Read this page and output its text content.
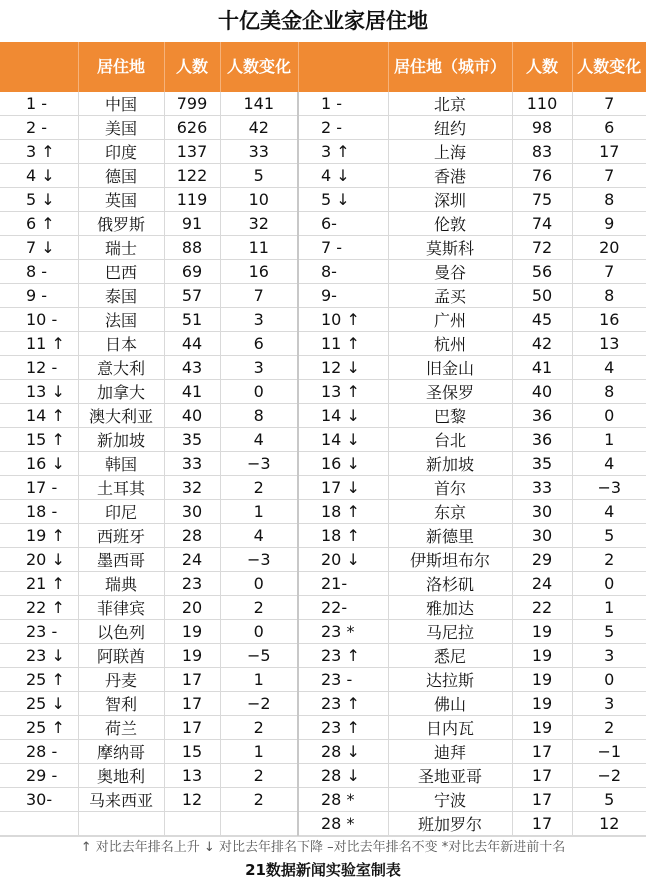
十亿美金企业家居住地
	居住地	人数	人数变化		居住地（城市）	人数	人数变化
1 -	中国	799	141	1 -	北京	110	7
2 -	美国	626	42	2 -	纽约	98	6
3 ↑	印度	137	33	3 ↑	上海	83	17
4 ↓	德国	122	5	4 ↓	香港	76	7
5 ↓	英国	119	10	5 ↓	深圳	75	8
6 ↑	俄罗斯	91	32	6-	伦敦	74	9
7 ↓	瑞士	88	11	7 -	莫斯科	72	20
8 -	巴西	69	16	8-	曼谷	56	7
9 -	泰国	57	7	9-	孟买	50	8
10 -	法国	51	3	10 ↑	广州	45	16
11 ↑	日本	44	6	11 ↑	杭州	42	13
12 -	意大利	43	3	12 ↓	旧金山	41	4
13 ↓	加拿大	41	0	13 ↑	圣保罗	40	8
14 ↑	澳大利亚	40	8	14 ↓	巴黎	36	0
15 ↑	新加坡	35	4	14 ↓	台北	36	1
16 ↓	韩国	33	−3	16 ↓	新加坡	35	4
17 -	土耳其	32	2	17 ↓	首尔	33	−3
18 -	印尼	30	1	18 ↑	东京	30	4
19 ↑	西班牙	28	4	18 ↑	新德里	30	5
20 ↓	墨西哥	24	−3	20 ↓	伊斯坦布尔	29	2
21 ↑	瑞典	23	0	21-	洛杉矶	24	0
22 ↑	菲律宾	20	2	22-	雅加达	22	1
23 -	以色列	19	0	23 *	马尼拉	19	5
23 ↓	阿联酋	19	−5	23 ↑	悉尼	19	3
25 ↑	丹麦	17	1	23 -	达拉斯	19	0
25 ↓	智利	17	−2	23 ↑	佛山	19	3
25 ↑	荷兰	17	2	23 ↑	日内瓦	19	2
28 -	摩纳哥	15	1	28 ↓	迪拜	17	−1
29 -	奥地利	13	2	28 ↓	圣地亚哥	17	−2
30-	马来西亚	12	2	28 *	宁波	17	5
				28 *	班加罗尔	17	12
↑ 对比去年排名上升 ↓ 对比去年排名下降 –对比去年排名不变 *对比去年新进前十名
21数据新闻实验室制表
